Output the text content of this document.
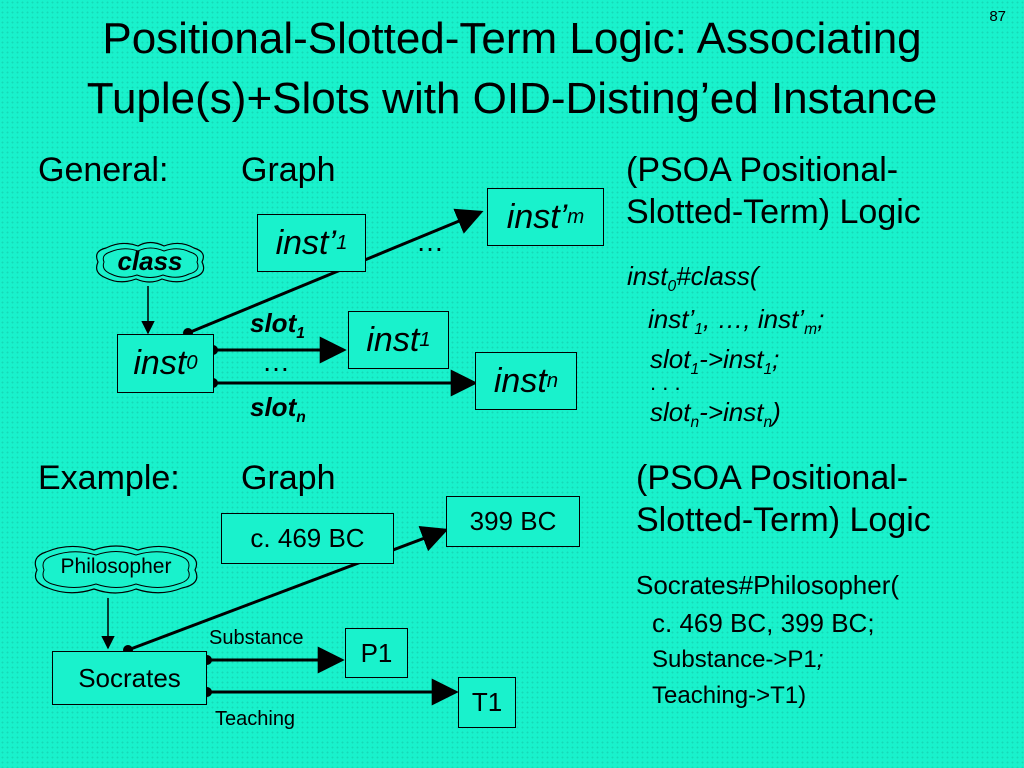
87
Positional-Slotted-Term Logic: Associating
Tuple(s)+Slots with OID-Disting’ed Instance
General: Graph	(PSOA Positional-
Slotted-Term) Logic
class
inst 0
inst’ 1
inst’ m
inst 1
inst n
…
…
slot$_1$
slot$_n$
inst$_0$#class(
$inst’_1$, …, $inst’_m$;
slot$_1$->inst$_1$;
. . .
slot$_n$->inst$_n$)
Example: Graph	(PSOA Positional-
Slotted-Term) Logic
Philosopher
Socrates
c. 469 BC
399 BC
P1
T1
Substance
Teaching
Socrates#Philosopher(
c. 469 BC, 399 BC;
Substance->P1;
Teaching->T1)
